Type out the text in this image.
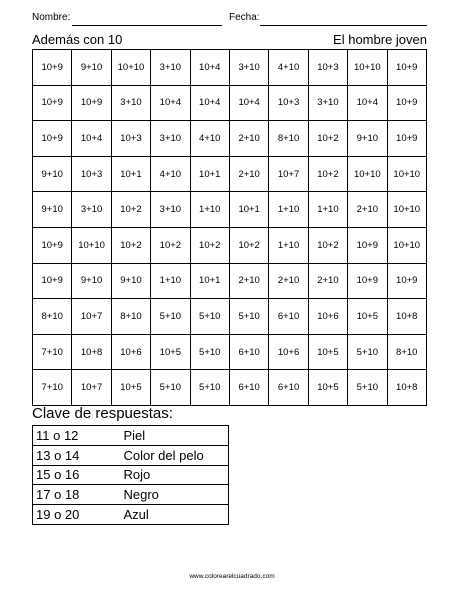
Nombre:	Fecha:
Además con 10	El hombre joven
10+9	9+10	10+10	3+10	10+4	3+10	4+10	10+3	10+10	10+9
10+9	10+9	3+10	10+4	10+4	10+4	10+3	3+10	10+4	10+9
10+9	10+4	10+3	3+10	4+10	2+10	8+10	10+2	9+10	10+9
9+10	10+3	10+1	4+10	10+1	2+10	10+7	10+2	10+10	10+10
9+10	3+10	10+2	3+10	1+10	10+1	1+10	1+10	2+10	10+10
10+9	10+10	10+2	10+2	10+2	10+2	1+10	10+2	10+9	10+10
10+9	9+10	9+10	1+10	10+1	2+10	2+10	2+10	10+9	10+9
8+10	10+7	8+10	5+10	5+10	5+10	6+10	10+6	10+5	10+8
7+10	10+8	10+6	10+5	5+10	6+10	10+6	10+5	5+10	8+10
7+10	10+7	10+5	5+10	5+10	6+10	6+10	10+5	5+10	10+8
Clave de respuestas:
11 o 12	Piel
13 o 14	Color del pelo
15 o 16	Rojo
17 o 18	Negro
19 o 20	Azul
www.colorearelcuadrado.com
